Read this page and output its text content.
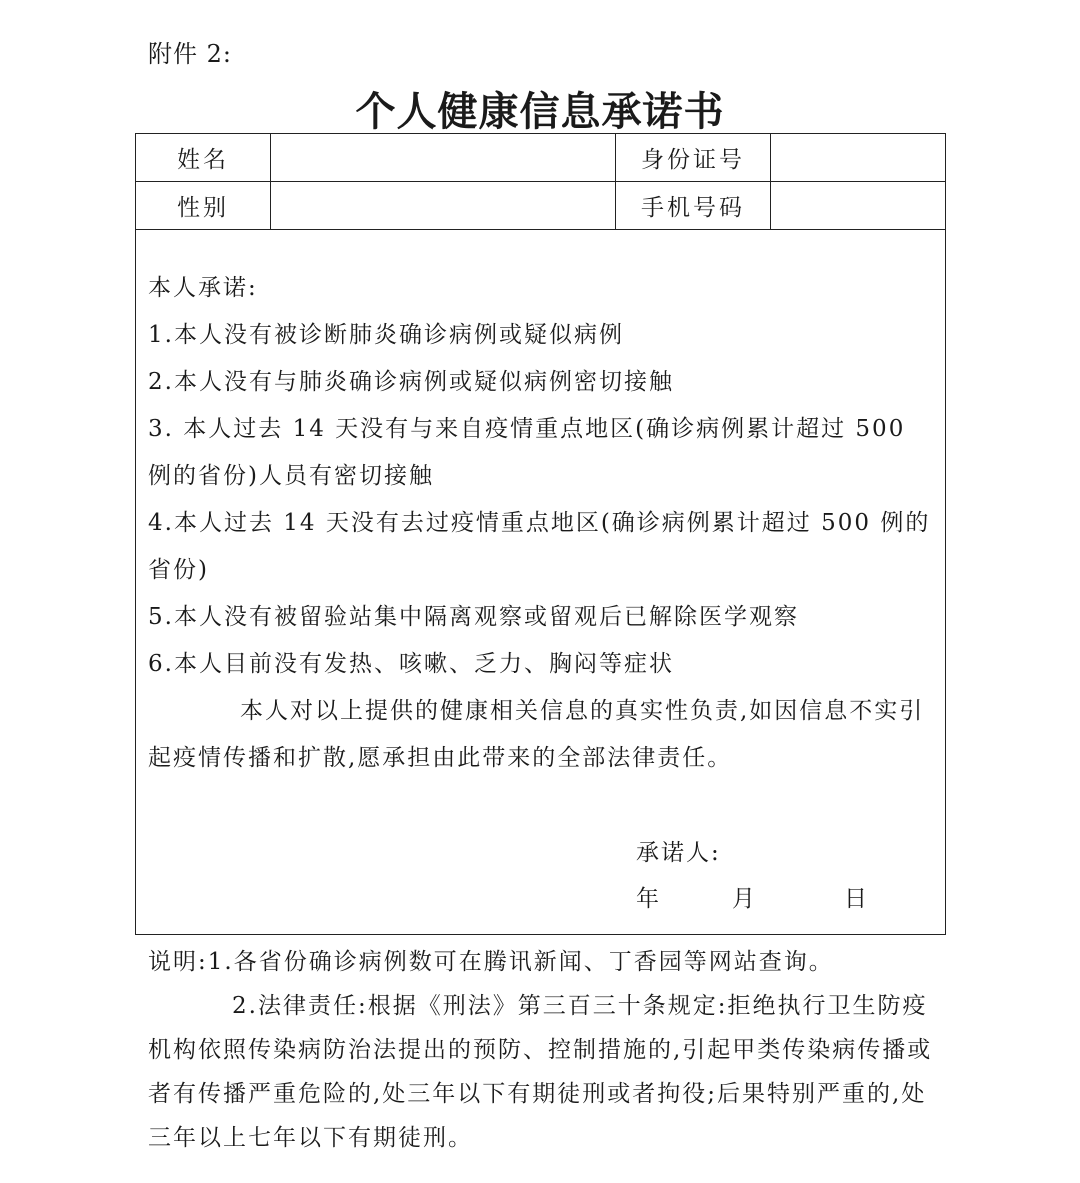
附件 2:
个人健康信息承诺书
姓名	身份证号
性别	手机号码

本人承诺:

1.本人没有被诊断肺炎确诊病例或疑似病例

2.本人没有与肺炎确诊病例或疑似病例密切接触

3. 本人过去 14 天没有与来自疫情重点地区(确诊病例累计超过 500 例的省份)人员有密切接触

4.本人过去 14 天没有去过疫情重点地区(确诊病例累计超过 500 例的省份)

5.本人没有被留验站集中隔离观察或留观后已解除医学观察

6.本人目前没有发热、咳嗽、乏力、胸闷等症状

本人对以上提供的健康相关信息的真实性负责,如因信息不实引起疫情传播和扩散,愿承担由此带来的全部法律责任。

承诺人:
年	月	日

说明:1.各省份确诊病例数可在腾讯新闻、丁香园等网站查询。

2.法律责任:根据《刑法》第三百三十条规定:拒绝执行卫生防疫机构依照传染病防治法提出的预防、控制措施的,引起甲类传染病传播或者有传播严重危险的,处三年以下有期徒刑或者拘役;后果特别严重的,处三年以上七年以下有期徒刑。
